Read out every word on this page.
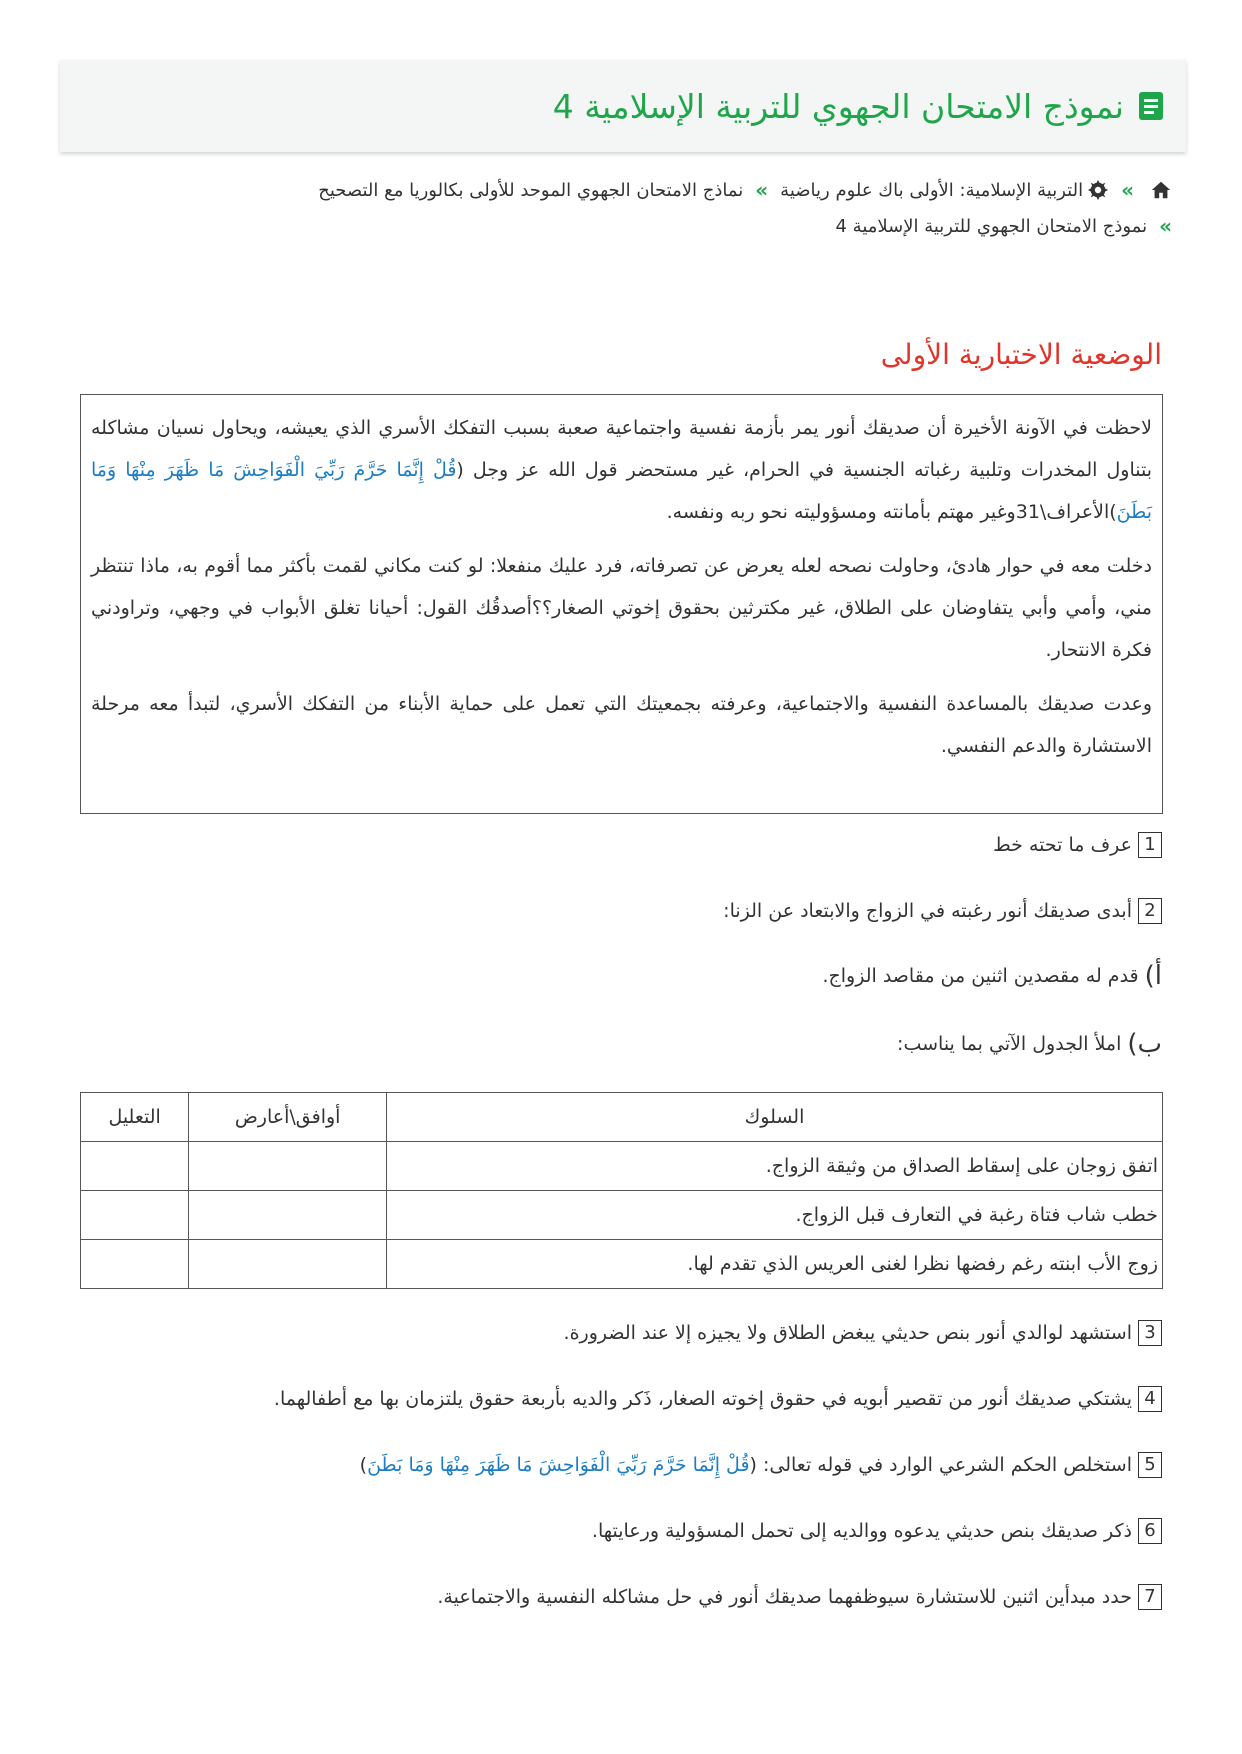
نموذج الامتحان الجهوي للتربية الإسلامية 4
»
التربية الإسلامية: الأولى باك علوم رياضية
»
نماذج الامتحان الجهوي الموحد للأولى بكالوريا مع التصحيح
»
نموذج الامتحان الجهوي للتربية الإسلامية 4
الوضعية الاختبارية الأولى

لاحظت في الآونة الأخيرة أن صديقك أنور يمر بأزمة نفسية واجتماعية صعبة بسبب التفكك الأسري الذي يعيشه، ويحاول نسيان مشاكله بتناول المخدرات وتلبية رغباته الجنسية في الحرام، غير مستحضر قول الله عز وجل (قُلْ إِنَّمَا حَرَّمَ رَبِّيَ الْفَوَاحِشَ مَا ظَهَرَ مِنْهَا وَمَا بَطَنَ)الأعراف\31وغير مهتم بأمانته ومسؤوليته نحو ربه ونفسه.

دخلت معه في حوار هادئ، وحاولت نصحه لعله يعرض عن تصرفاته، فرد عليك منفعلا: لو كنت مكاني لقمت بأكثر مما أقوم به، ماذا تنتظر مني، وأمي وأبي يتفاوضان على الطلاق، غير مكترثين بحقوق إخوتي الصغار؟؟أصدقُك القول: أحيانا تغلق الأبواب في وجهي، وتراودني فكرة الانتحار.

وعدت صديقك بالمساعدة النفسية والاجتماعية، وعرفته بجمعيتك التي تعمل على حماية الأبناء من التفكك الأسري، لتبدأ معه مرحلة الاستشارة والدعم النفسي.

1
عرف ما تحته خط
2
أبدى صديقك أنور رغبته في الزواج والابتعاد عن الزنا:
أ)
قدم له مقصدين اثنين من مقاصد الزواج.
ب)
املأ الجدول الآتي بما يناسب:
السلوك	أوافق\أعارض	التعليل
اتفق زوجان على إسقاط الصداق من وثيقة الزواج.		
خطب شاب فتاة رغبة في التعارف قبل الزواج.		
زوج الأب ابنته رغم رفضها نظرا لغنى العريس الذي تقدم لها.		
3
استشهد لوالدي أنور بنص حديثي يبغض الطلاق ولا يجيزه إلا عند الضرورة.
4
يشتكي صديقك أنور من تقصير أبويه في حقوق إخوته الصغار، ذَكر والديه بأربعة حقوق يلتزمان بها مع أطفالهما.
5
استخلص الحكم الشرعي الوارد في قوله تعالى: (قُلْ إِنَّمَا حَرَّمَ رَبِّيَ الْفَوَاحِشَ مَا ظَهَرَ مِنْهَا وَمَا بَطَنَ)
6
ذكر صديقك بنص حديثي يدعوه ووالديه إلى تحمل المسؤولية ورعايتها.
7
حدد مبدأين اثنين للاستشارة سيوظفهما صديقك أنور في حل مشاكله النفسية والاجتماعية.
